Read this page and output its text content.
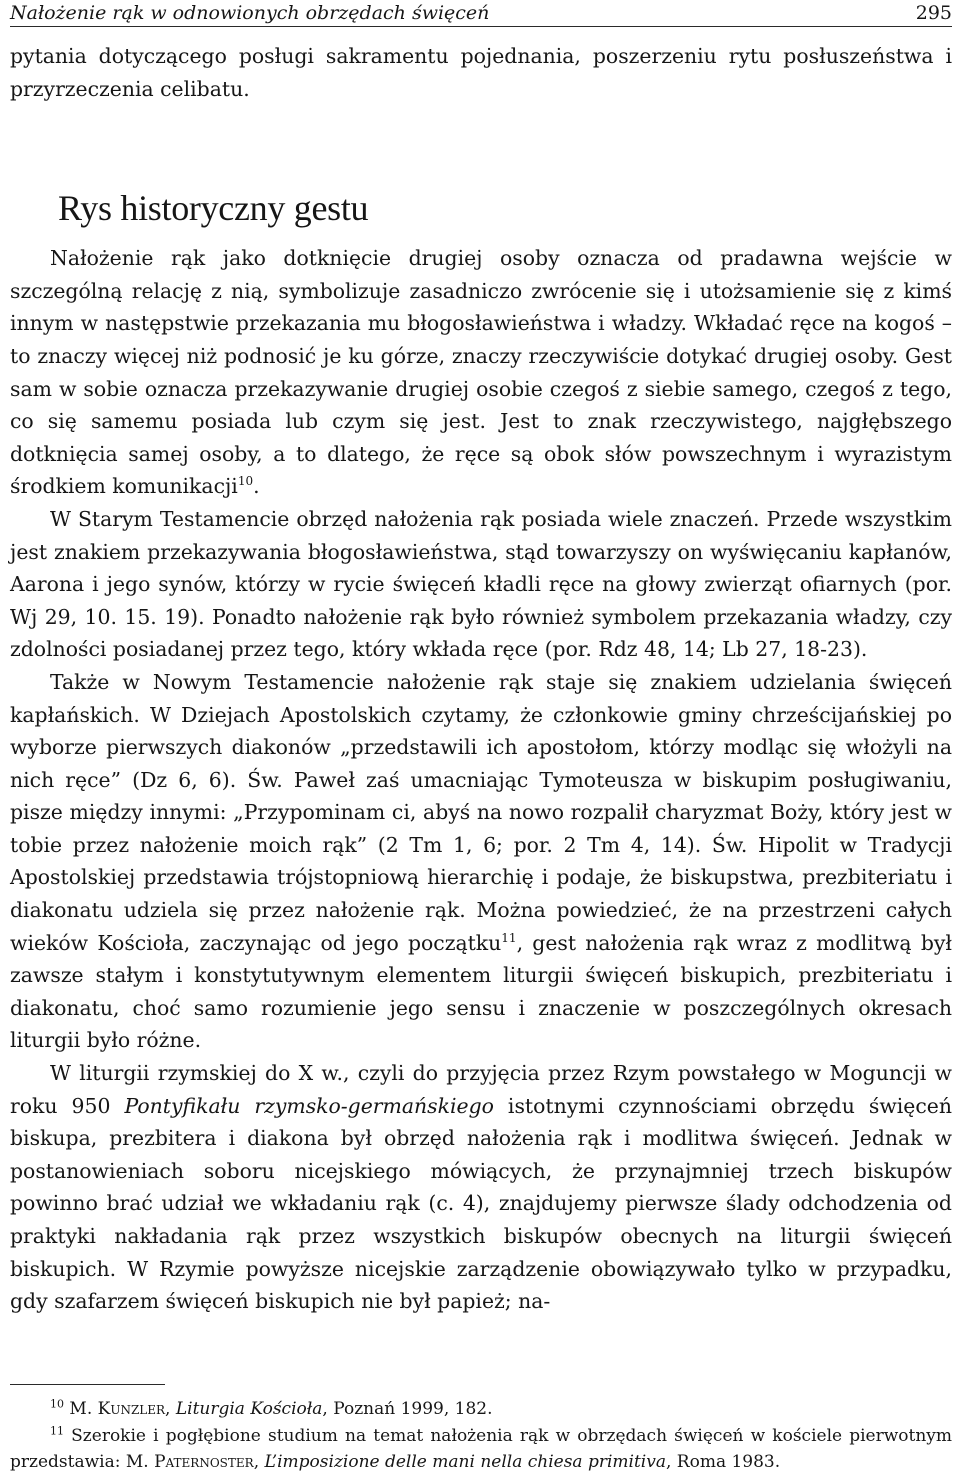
Nałożenie rąk w odnowionych obrzędach święceń	295

pytania dotyczącego posługi sakramentu pojednania, poszerzeniu rytu posłuszeństwa i przyrzeczenia celibatu.

Rys historyczny gestu

Nałożenie rąk jako dotknięcie drugiej osoby oznacza od pradawna wejście w szczególną relację z nią, symbolizuje zasadniczo zwrócenie się i utożsamienie się z kimś innym w następstwie przekazania mu błogosławieństwa i władzy. Wkładać ręce na kogoś – to znaczy więcej niż podnosić je ku górze, znaczy rzeczywiście dotykać drugiej osoby. Gest sam w sobie oznacza przekazywanie drugiej osobie czegoś z siebie samego, czegoś z tego, co się samemu posiada lub czym się jest. Jest to znak rzeczywistego, najgłębszego dotknięcia samej osoby, a to dlatego, że ręce są obok słów powszechnym i wyrazistym środkiem komunikacji$^{10}$.

W Starym Testamencie obrzęd nałożenia rąk posiada wiele znaczeń. Przede wszystkim jest znakiem przekazywania błogosławieństwa, stąd towarzyszy on wyświęcaniu kapłanów, Aarona i jego synów, którzy w rycie święceń kładli ręce na głowy zwierząt ofiarnych (por. Wj 29, 10. 15. 19). Ponadto nałożenie rąk było również symbolem przekazania władzy, czy zdolności posiadanej przez tego, który wkłada ręce (por. Rdz 48, 14; Lb 27, 18-23).

Także w Nowym Testamencie nałożenie rąk staje się znakiem udzielania święceń kapłańskich. W Dziejach Apostolskich czytamy, że członkowie gminy chrześcijańskiej po wyborze pierwszych diakonów „przedstawili ich apostołom, którzy modląc się włożyli na nich ręce” (Dz 6, 6). Św. Paweł zaś umacniając Tymoteusza w biskupim posługiwaniu, pisze między innymi: „Przypominam ci, abyś na nowo rozpalił charyzmat Boży, który jest w tobie przez nałożenie moich rąk” (2 Tm 1, 6; por. 2 Tm 4, 14). Św. Hipolit w Tradycji Apostolskiej przedstawia trójstopniową hierarchię i podaje, że biskupstwa, prezbiteriatu i diakonatu udziela się przez nałożenie rąk. Można powiedzieć, że na przestrzeni całych wieków Kościoła, zaczynając od jego początku$^{11}$, gest nałożenia rąk wraz z modlitwą był zawsze stałym i konstytutywnym elementem liturgii święceń biskupich, prezbiteriatu i diakonatu, choć samo rozumienie jego sensu i znaczenie w poszczególnych okresach liturgii było różne.

W liturgii rzymskiej do X w., czyli do przyjęcia przez Rzym powstałego w Moguncji w roku 950 Pontyfikału rzymsko-germańskiego istotnymi czynnościami obrzędu święceń biskupa, prezbitera i diakona był obrzęd nałożenia rąk i modlitwa święceń. Jednak w postanowieniach soboru nicejskiego mówiących, że przynajmniej trzech biskupów powinno brać udział we wkładaniu rąk (c. 4), znajdujemy pierwsze ślady odchodzenia od praktyki nakładania rąk przez wszystkich biskupów obecnych na liturgii święceń biskupich. W Rzymie powyższe nicejskie zarządzenie obowiązywało tylko w przypadku, gdy szafarzem święceń biskupich nie był papież; na-

$^{10}$ M. Kunzler, Liturgia Kościoła, Poznań 1999, 182.

$^{11}$ Szerokie i pogłębione studium na temat nałożenia rąk w obrzędach święceń w kościele pierwotnym przedstawia: M. Paternoster, L’imposizione delle mani nella chiesa primitiva, Roma 1983.
